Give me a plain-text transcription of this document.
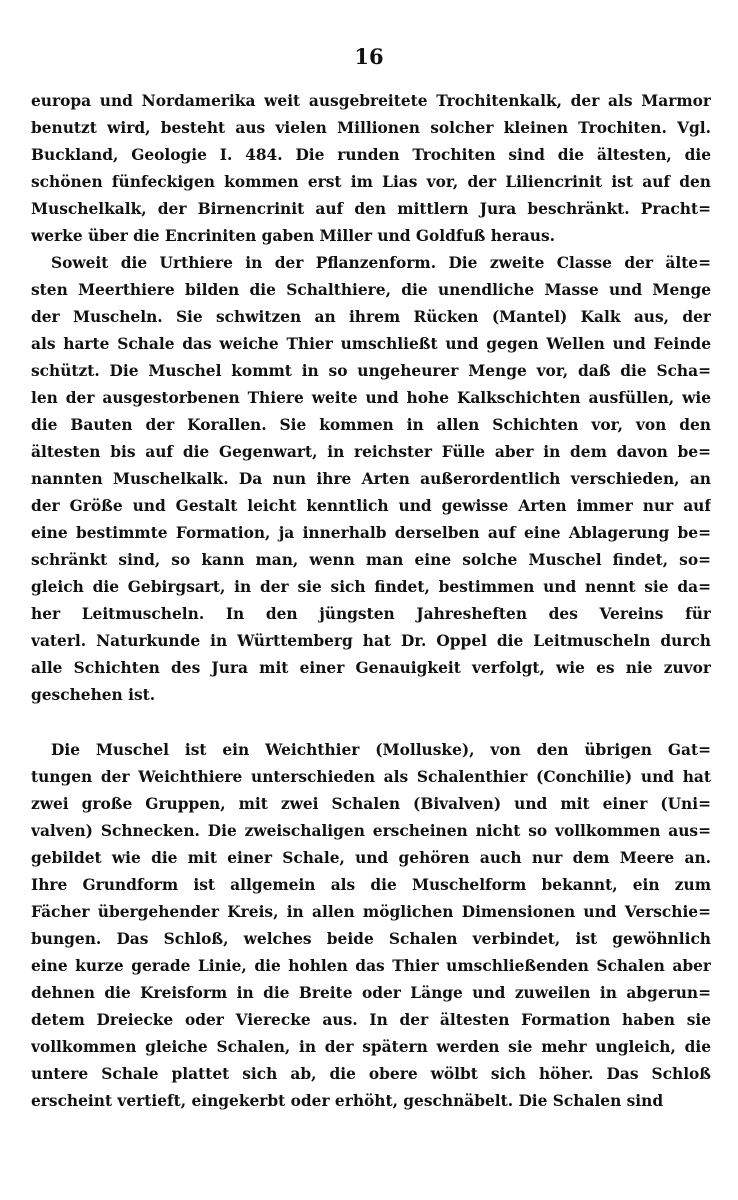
16
europa und Nordamerika weit ausgebreitete Trochitenkalk, der als Marmor
benutzt wird, besteht aus vielen Millionen solcher kleinen Trochiten. Vgl.
Buckland, Geologie I. 484. Die runden Trochiten sind die ältesten, die
schönen fünfeckigen kommen erst im Lias vor, der Liliencrinit ist auf den
Muschelkalk, der Birnencrinit auf den mittlern Jura beschränkt. Pracht=
werke über die Encriniten gaben Miller und Goldfuß heraus.
Soweit die Urthiere in der Pflanzenform. Die zweite Classe der älte=
sten Meerthiere bilden die Schalthiere, die unendliche Masse und Menge
der Muscheln. Sie schwitzen an ihrem Rücken (Mantel) Kalk aus, der
als harte Schale das weiche Thier umschließt und gegen Wellen und Feinde
schützt. Die Muschel kommt in so ungeheurer Menge vor, daß die Scha=
len der ausgestorbenen Thiere weite und hohe Kalkschichten ausfüllen, wie
die Bauten der Korallen. Sie kommen in allen Schichten vor, von den
ältesten bis auf die Gegenwart, in reichster Fülle aber in dem davon be=
nannten Muschelkalk. Da nun ihre Arten außerordentlich verschieden, an
der Größe und Gestalt leicht kenntlich und gewisse Arten immer nur auf
eine bestimmte Formation, ja innerhalb derselben auf eine Ablagerung be=
schränkt sind, so kann man, wenn man eine solche Muschel findet, so=
gleich die Gebirgsart, in der sie sich findet, bestimmen und nennt sie da=
her Leitmuscheln. In den jüngsten Jahresheften des Vereins für
vaterl. Naturkunde in Württemberg hat Dr. Oppel die Leitmuscheln durch
alle Schichten des Jura mit einer Genauigkeit verfolgt, wie es nie zuvor
geschehen ist.
Die Muschel ist ein Weichthier (Molluske), von den übrigen Gat=
tungen der Weichthiere unterschieden als Schalenthier (Conchilie) und hat
zwei große Gruppen, mit zwei Schalen (Bivalven) und mit einer (Uni=
valven) Schnecken. Die zweischaligen erscheinen nicht so vollkommen aus=
gebildet wie die mit einer Schale, und gehören auch nur dem Meere an.
Ihre Grundform ist allgemein als die Muschelform bekannt, ein zum
Fächer übergehender Kreis, in allen möglichen Dimensionen und Verschie=
bungen. Das Schloß, welches beide Schalen verbindet, ist gewöhnlich
eine kurze gerade Linie, die hohlen das Thier umschließenden Schalen aber
dehnen die Kreisform in die Breite oder Länge und zuweilen in abgerun=
detem Dreiecke oder Vierecke aus. In der ältesten Formation haben sie
vollkommen gleiche Schalen, in der spätern werden sie mehr ungleich, die
untere Schale plattet sich ab, die obere wölbt sich höher. Das Schloß
erscheint vertieft, eingekerbt oder erhöht, geschnäbelt. Die Schalen sind
